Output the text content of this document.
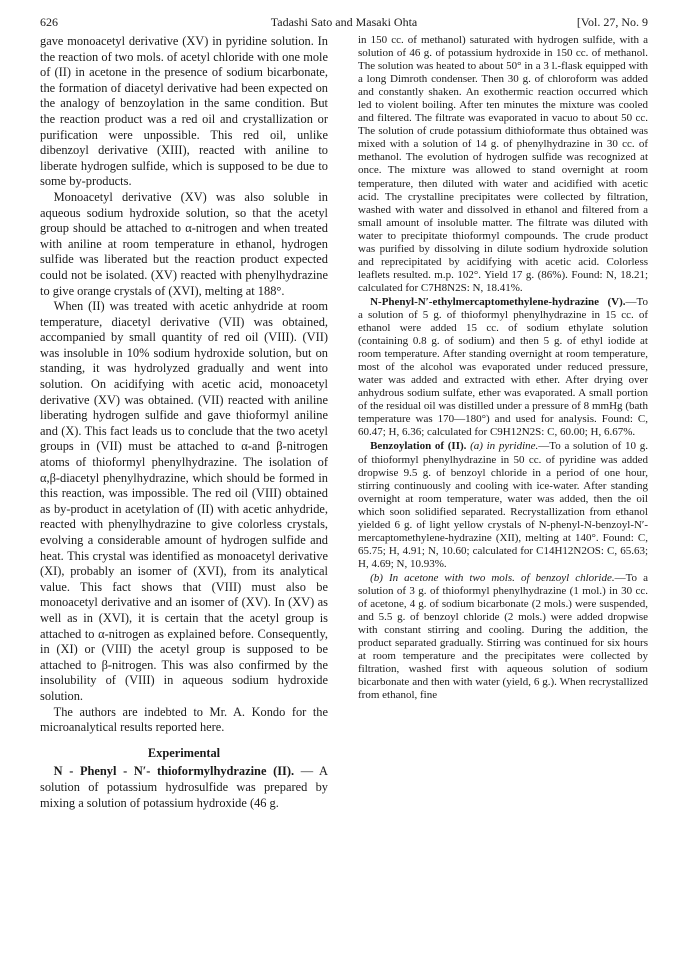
626	Tadashi Sato and Masaki Ohta	[Vol. 27, No. 9

gave monoacetyl derivative (XV) in pyridine solution. In the reaction of two mols. of acetyl chloride with one mole of (II) in acetone in the presence of sodium bicarbonate, the formation of diacetyl derivative had been expected on the analogy of benzoylation in the same condition. But the reaction product was a red oil and crystallization or purification were unpossible. This red oil, unlike dibenzoyl derivative (XIII), reacted with aniline to liberate hydrogen sulfide, which is supposed to be due to some by-products.

Monoacetyl derivative (XV) was also soluble in aqueous sodium hydroxide solution, so that the acetyl group should be attached to α-nitrogen and when treated with aniline at room temperature in ethanol, hydrogen sulfide was liberated but the reaction product expected could not be isolated. (XV) reacted with phenylhydrazine to give orange crystals of (XVI), melting at 188°.

When (II) was treated with acetic anhydride at room temperature, diacetyl derivative (VII) was obtained, accompanied by small quantity of red oil (VIII). (VII) was insoluble in 10% sodium hydroxide solution, but on standing, it was hydrolyzed gradually and went into solution. On acidifying with acetic acid, monoacetyl derivative (XV) was obtained. (VII) reacted with aniline liberating hydrogen sulfide and gave thioformyl aniline and (X). This fact leads us to conclude that the two acetyl groups in (VII) must be attached to α-and β-nitrogen atoms of thioformyl phenylhydrazine. The isolation of α,β-diacetyl phenylhydrazine, which should be formed in this reaction, was impossible. The red oil (VIII) obtained as by-product in acetylation of (II) with acetic anhydride, reacted with phenylhydrazine to give colorless crystals, evolving a considerable amount of hydrogen sulfide and heat. This crystal was identified as monoacetyl derivative (XI), probably an isomer of (XVI), from its analytical value. This fact shows that (VIII) must also be monoacetyl derivative and an isomer of (XV). In (XV) as well as in (XVI), it is certain that the acetyl group is attached to α-nitrogen as explained before. Consequently, in (XI) or (VIII) the acetyl group is supposed to be attached to β-nitrogen. This was also confirmed by the insolubility of (VIII) in aqueous sodium hydroxide solution.

The authors are indebted to Mr. A. Kondo for the microanalytical results reported here.

Experimental

N - Phenyl - N′- thioformylhydrazine (II). — A solution of potassium hydrosulfide was prepared by mixing a solution of potassium hydroxide (46 g.

in 150 cc. of methanol) saturated with hydrogen sulfide, with a solution of 46 g. of potassium hydroxide in 150 cc. of methanol. The solution was heated to about 50° in a 3 l.-flask equipped with a long Dimroth condenser. Then 30 g. of chloroform was added and constantly shaken. An exothermic reaction occurred which led to violent boiling. After ten minutes the mixture was cooled and filtered. The filtrate was evaporated in vacuo to about 50 cc. The solution of crude potassium dithioformate thus obtained was mixed with a solution of 14 g. of phenylhydrazine in 30 cc. of methanol. The evolution of hydrogen sulfide was recognized at once. The mixture was allowed to stand overnight at room temperature, then diluted with water and acidified with acetic acid. The crystalline precipitates were collected by filtration, washed with water and dissolved in ethanol and filtered from a small amount of insoluble matter. The filtrate was diluted with water to precipitate thioformyl compounds. The crude product was purified by dissolving in dilute sodium hydroxide solution and reprecipitated by acidifying with acetic acid. Colorless leaflets resulted. m.p. 102°. Yield 17 g. (86%). Found: N, 18.21; calculated for C7H8N2S: N, 18.41%.

N-Phenyl-N′-ethylmercaptomethylene-hydrazine (V).—To a solution of 5 g. of thioformyl phenylhydrazine in 15 cc. of ethanol were added 15 cc. of sodium ethylate solution (containing 0.8 g. of sodium) and then 5 g. of ethyl iodide at room temperature. After standing overnight at room temperature, most of the alcohol was evaporated under reduced pressure, water was added and extracted with ether. After drying over anhydrous sodium sulfate, ether was evaporated. A small portion of the residual oil was distilled under a pressure of 8 mmHg (bath temperature was 170—180°) and used for analysis. Found: C, 60.47; H, 6.36; calculated for C9H12N2S: C, 60.00; H, 6.67%.

Benzoylation of (II). (a) in pyridine.—To a solution of 10 g. of thioformyl phenylhydrazine in 50 cc. of pyridine was added dropwise 9.5 g. of benzoyl chloride in a period of one hour, stirring continuously and cooling with ice-water. After standing overnight at room temperature, water was added, then the oil which soon solidified separated. Recrystallization from ethanol yielded 6 g. of light yellow crystals of N-phenyl-N-benzoyl-N′-mercaptomethylene-hydrazine (XII), melting at 140°. Found: C, 65.75; H, 4.91; N, 10.60; calculated for C14H12N2OS: C, 65.63; H, 4.69; N, 10.93%.

(b) In acetone with two mols. of benzoyl chloride.—To a solution of 3 g. of thioformyl phenylhydrazine (1 mol.) in 30 cc. of acetone, 4 g. of sodium bicarbonate (2 mols.) were suspended, and 5.5 g. of benzoyl chloride (2 mols.) were added dropwise with constant stirring and cooling. During the addition, the product separated gradually. Stirring was continued for six hours at room temperature and the precipitates were collected by filtration, washed first with aqueous solution of sodium bicarbonate and then with water (yield, 6 g.). When recrystallized from ethanol, fine
